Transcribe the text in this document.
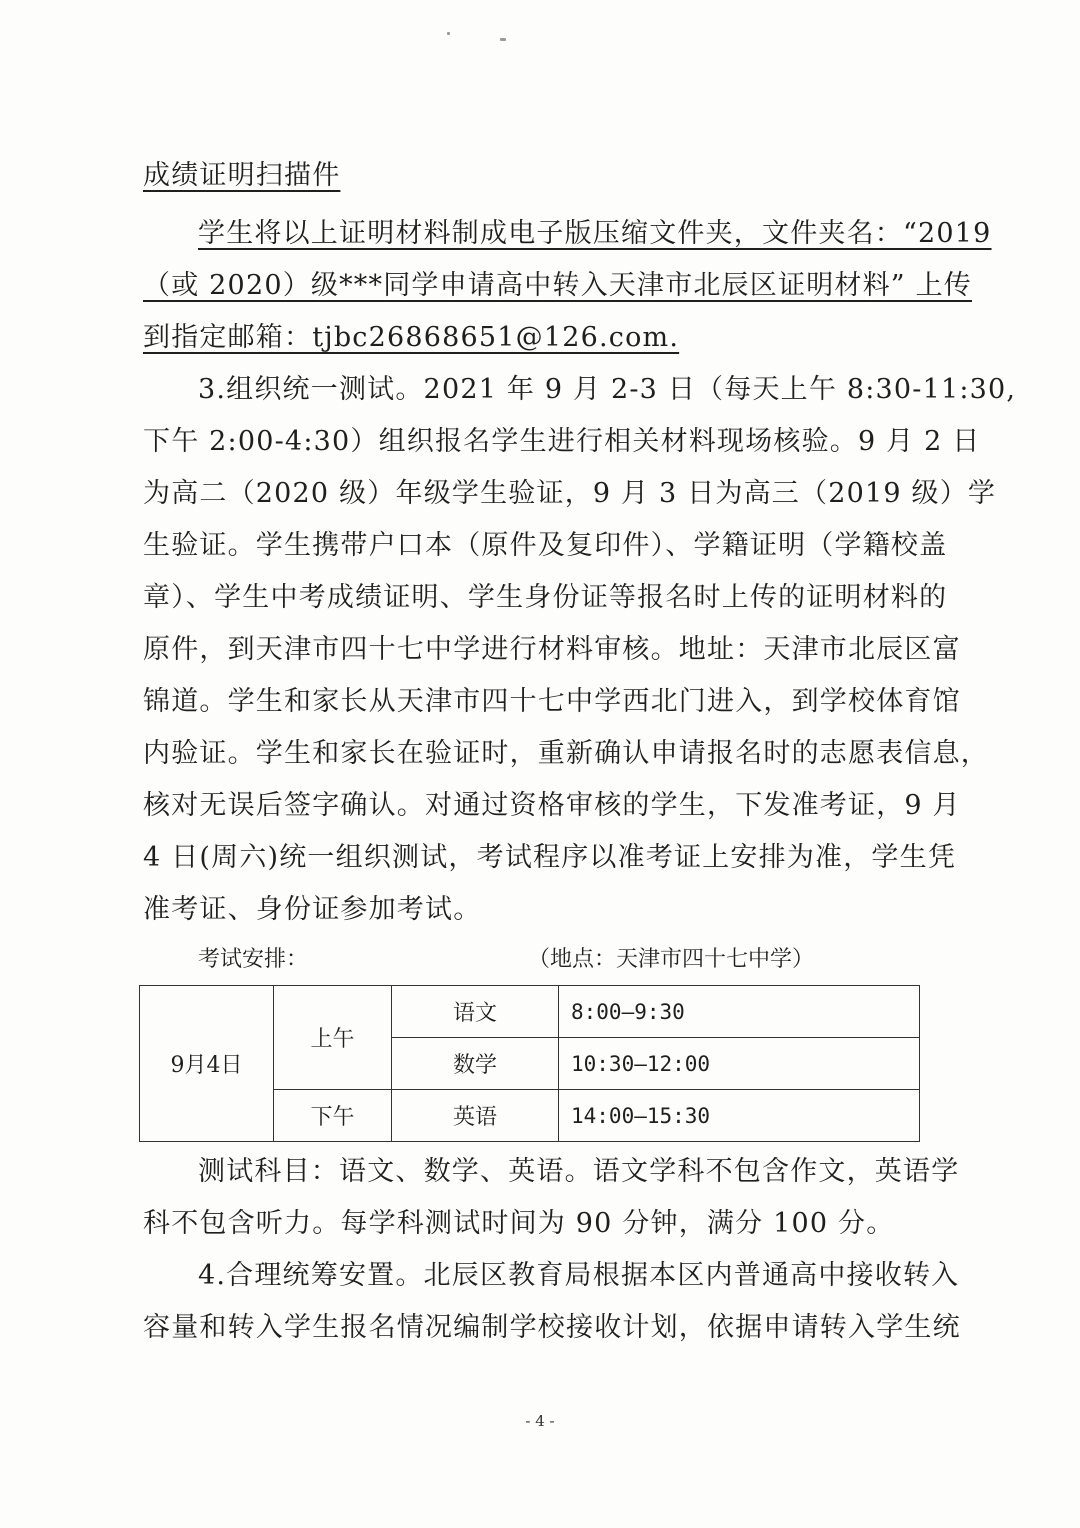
成绩证明扫描件
学生将以上证明材料制成电子版压缩文件夹，文件夹名：“2019
（或 2020）级***同学申请高中转入天津市北辰区证明材料” 上传
到指定邮箱：tjbc26868651@126.com.
3.组织统一测试。2021 年 9 月 2-3 日（每天上午 8:30-11:30,
下午 2:00-4:30）组织报名学生进行相关材料现场核验。9 月 2 日
为高二（2020 级）年级学生验证，9 月 3 日为高三（2019 级）学
生验证。学生携带户口本（原件及复印件）、学籍证明（学籍校盖
章）、学生中考成绩证明、学生身份证等报名时上传的证明材料的
原件，到天津市四十七中学进行材料审核。地址：天津市北辰区富
锦道。学生和家长从天津市四十七中学西北门进入，到学校体育馆
内验证。学生和家长在验证时，重新确认申请报名时的志愿表信息，
核对无误后签字确认。对通过资格审核的学生，下发准考证，9 月
4 日(周六)统一组织测试，考试程序以准考证上安排为准，学生凭
准考证、身份证参加考试。
考试安排：	（地点：天津市四十七中学）
9月4日	上午	语文	8:00—9:30
		数学	10:30—12:00
	下午	英语	14:00—15:30
测试科目：语文、数学、英语。语文学科不包含作文，英语学
科不包含听力。每学科测试时间为 90 分钟，满分 100 分。
4.合理统筹安置。北辰区教育局根据本区内普通高中接收转入
容量和转入学生报名情况编制学校接收计划，依据申请转入学生统
- 4 -
